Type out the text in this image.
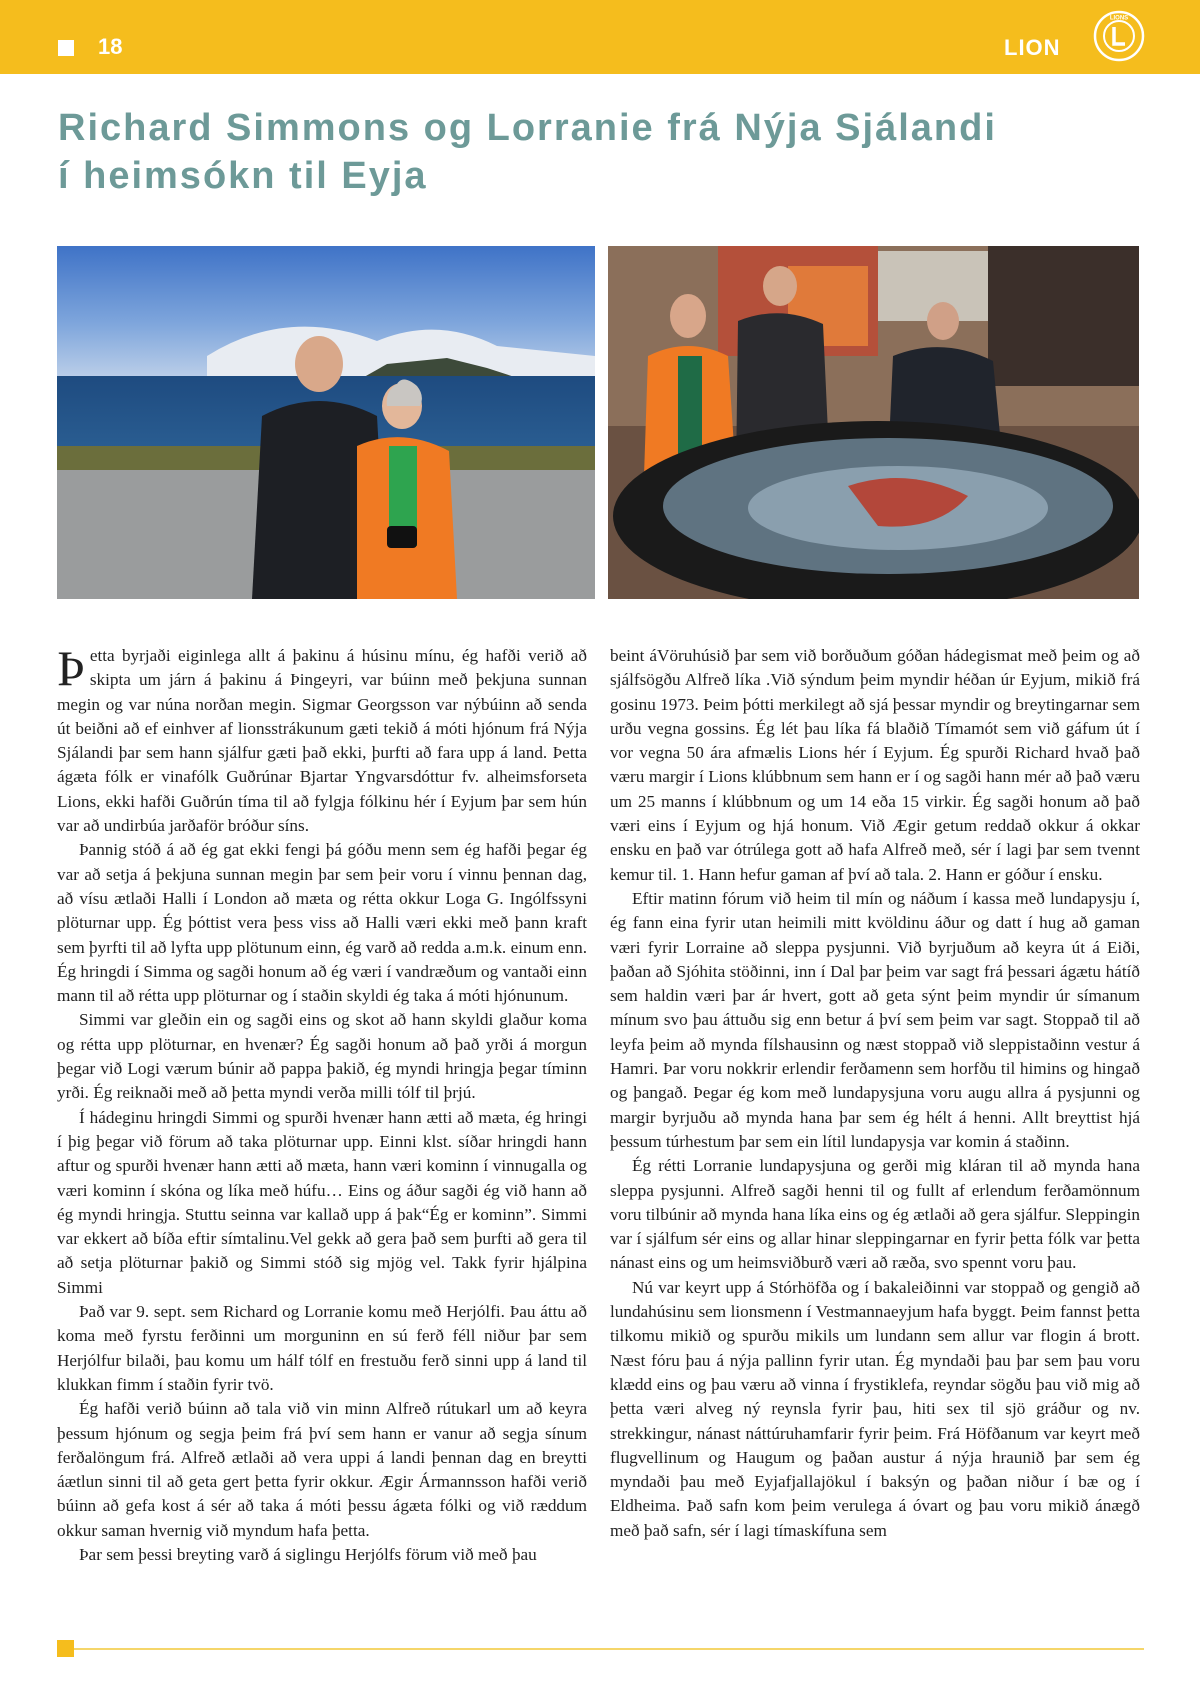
18	LION
LIONS
Richard Simmons og Lorranie frá Nýja Sjálandi
í heimsókn til Eyja

Þetta byrjaði eiginlega allt á þakinu á húsinu mínu, ég hafði verið að skipta um járn á þakinu á Þingeyri, var búinn með þekjuna sunnan megin og var núna norðan megin. Sigmar Georgsson var nýbúinn að senda út beiðni að ef einhver af lionsstrákunum gæti tekið á móti hjónum frá Nýja Sjálandi þar sem hann sjálfur gæti það ekki, þurfti að fara upp á land. Þetta ágæta fólk er vinafólk Guðrúnar Bjartar Yngvarsdóttur fv. alheimsforseta Lions, ekki hafði Guðrún tíma til að fylgja fólkinu hér í Eyjum þar sem hún var að undirbúa jarðaför bróður síns.

Þannig stóð á að ég gat ekki fengi þá góðu menn sem ég hafði þegar ég var að setja á þekjuna sunnan megin þar sem þeir voru í vinnu þennan dag, að vísu ætlaði Halli í London að mæta og rétta okkur Loga G. Ingólfssyni plöturnar upp. Ég þóttist vera þess viss að Halli væri ekki með þann kraft sem þyrfti til að lyfta upp plötunum einn, ég varð að redda a.m.k. einum enn. Ég hringdi í Simma og sagði honum að ég væri í vandræðum og vantaði einn mann til að rétta upp plöturnar og í staðin skyldi ég taka á móti hjónunum.

Simmi var gleðin ein og sagði eins og skot að hann skyldi glaður koma og rétta upp plöturnar, en hvenær? Ég sagði honum að það yrði á morgun þegar við Logi værum búnir að pappa þakið, ég myndi hringja þegar tíminn yrði. Ég reiknaði með að þetta myndi verða milli tólf til þrjú.

Í hádeginu hringdi Simmi og spurði hvenær hann ætti að mæta, ég hringi í þig þegar við förum að taka plöturnar upp. Einni klst. síðar hringdi hann aftur og spurði hvenær hann ætti að mæta, hann væri kominn í vinnugalla og væri kominn í skóna og líka með húfu… Eins og áður sagði ég við hann að ég myndi hringja. Stuttu seinna var kallað upp á þak“Ég er kominn”. Simmi var ekkert að bíða eftir símtalinu.Vel gekk að gera það sem þurfti að gera til að setja plöturnar þakið og Simmi stóð sig mjög vel. Takk fyrir hjálpina Simmi

Það var 9. sept. sem Richard og Lorranie komu með Herjólfi. Þau áttu að koma með fyrstu ferðinni um morguninn en sú ferð féll niður þar sem Herjólfur bilaði, þau komu um hálf tólf en frestuðu ferð sinni upp á land til klukkan fimm í staðin fyrir tvö.

Ég hafði verið búinn að tala við vin minn Alfreð rútukarl um að keyra þessum hjónum og segja þeim frá því sem hann er vanur að segja sínum ferðalöngum frá. Alfreð ætlaði að vera uppi á landi þennan dag en breytti áætlun sinni til að geta gert þetta fyrir okkur. Ægir Ármannsson hafði verið búinn að gefa kost á sér að taka á móti þessu ágæta fólki og við ræddum okkur saman hvernig við myndum hafa þetta.

Þar sem þessi breyting varð á siglingu Herjólfs förum við með þau

beint áVöruhúsið þar sem við borðuðum góðan hádegismat með þeim og að sjálfsögðu Alfreð líka .Við sýndum þeim myndir héðan úr Eyjum, mikið frá gosinu 1973. Þeim þótti merkilegt að sjá þessar myndir og breytingarnar sem urðu vegna gossins. Ég lét þau líka fá blaðið Tímamót sem við gáfum út í vor vegna 50 ára afmælis Lions hér í Eyjum. Ég spurði Richard hvað það væru margir í Lions klúbbnum sem hann er í og sagði hann mér að það væru um 25 manns í klúbbnum og um 14 eða 15 virkir. Ég sagði honum að það væri eins í Eyjum og hjá honum. Við Ægir getum reddað okkur á okkar ensku en það var ótrúlega gott að hafa Alfreð með, sér í lagi þar sem tvennt kemur til. 1. Hann hefur gaman af því að tala. 2. Hann er góður í ensku.

Eftir matinn fórum við heim til mín og náðum í kassa með lundapysju í, ég fann eina fyrir utan heimili mitt kvöldinu áður og datt í hug að gaman væri fyrir Lorraine að sleppa pysjunni. Við byrjuðum að keyra út á Eiði, þaðan að Sjóhita stöðinni, inn í Dal þar þeim var sagt frá þessari ágætu hátíð sem haldin væri þar ár hvert, gott að geta sýnt þeim myndir úr símanum mínum svo þau áttuðu sig enn betur á því sem þeim var sagt. Stoppað til að leyfa þeim að mynda fílshausinn og næst stoppað við sleppistaðinn vestur á Hamri. Þar voru nokkrir erlendir ferðamenn sem horfðu til himins og hingað og þangað. Þegar ég kom með lundapysjuna voru augu allra á pysjunni og margir byrjuðu að mynda hana þar sem ég hélt á henni. Allt breyttist hjá þessum túrhestum þar sem ein lítil lundapysja var komin á staðinn.

Ég rétti Lorranie lundapysjuna og gerði mig kláran til að mynda hana sleppa pysjunni. Alfreð sagði henni til og fullt af erlendum ferðamönnum voru tilbúnir að mynda hana líka eins og ég ætlaði að gera sjálfur. Sleppingin var í sjálfum sér eins og allar hinar sleppingarnar en fyrir þetta fólk var þetta nánast eins og um heimsviðburð væri að ræða, svo spennt voru þau.

Nú var keyrt upp á Stórhöfða og í bakaleiðinni var stoppað og gengið að lundahúsinu sem lionsmenn í Vestmannaeyjum hafa byggt. Þeim fannst þetta tilkomu mikið og spurðu mikils um lundann sem allur var flogin á brott. Næst fóru þau á nýja pallinn fyrir utan. Ég myndaði þau þar sem þau voru klædd eins og þau væru að vinna í frystiklefa, reyndar sögðu þau við mig að þetta væri alveg ný reynsla fyrir þau, hiti sex til sjö gráður og nv. strekkingur, nánast náttúruhamfarir fyrir þeim. Frá Höfðanum var keyrt með flugvellinum og Haugum og þaðan austur á nýja hraunið þar sem ég myndaði þau með Eyjafjallajökul í baksýn og þaðan niður í bæ og í Eldheima. Það safn kom þeim verulega á óvart og þau voru mikið ánægð með það safn, sér í lagi tímaskífuna sem
